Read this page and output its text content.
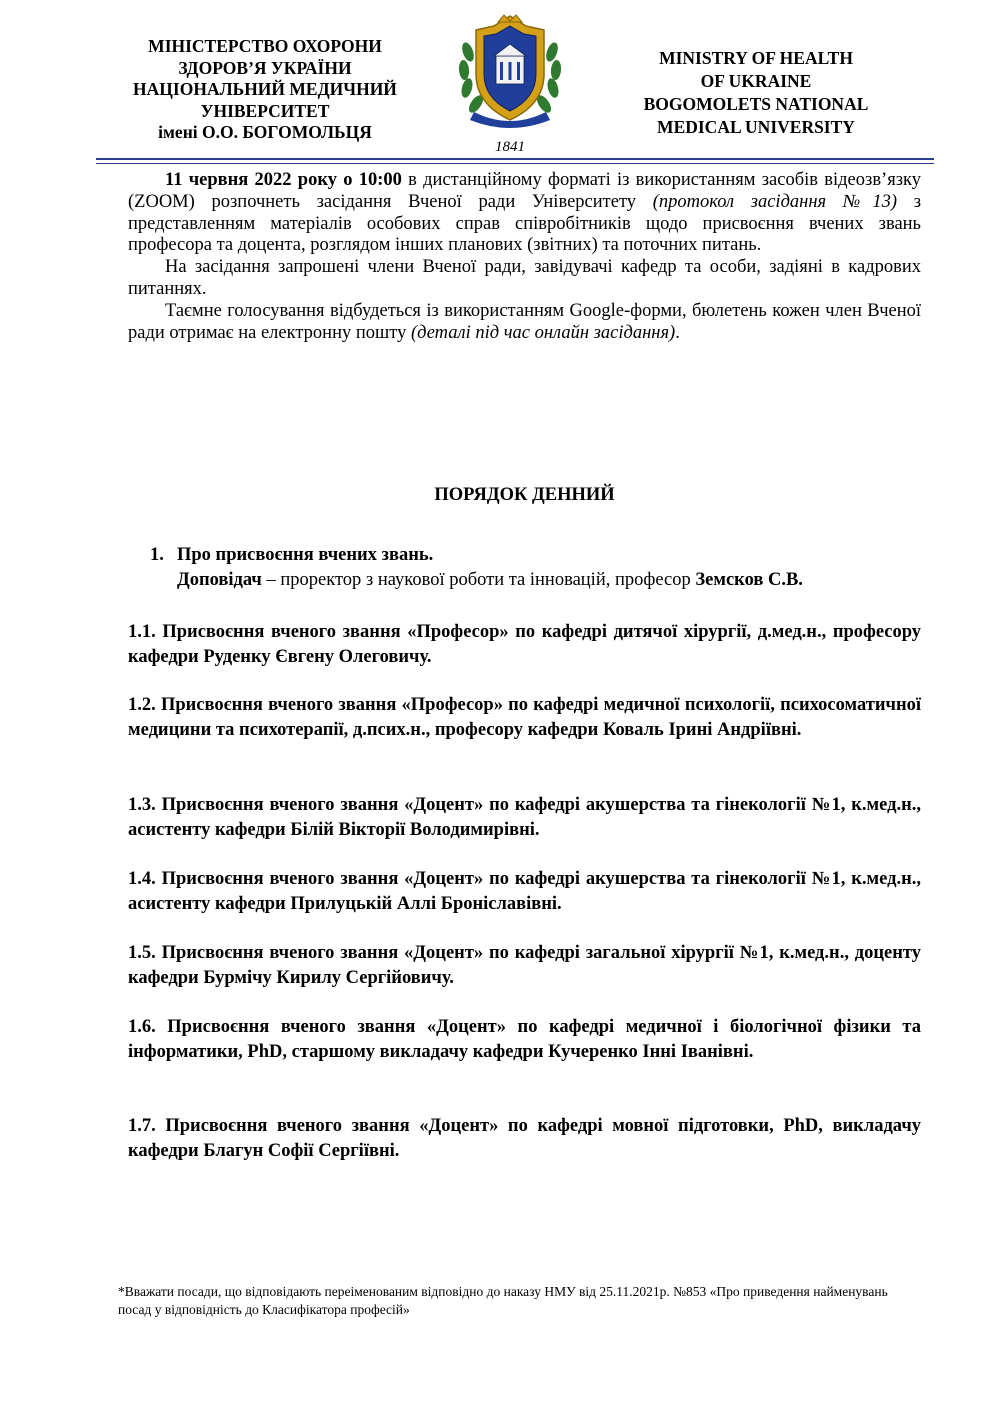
МІНІСТЕРСТВО ОХОРОНИ
ЗДОРОВ’Я УКРАЇНИ
НАЦІОНАЛЬНИЙ МЕДИЧНИЙ
УНІВЕРСИТЕТ
імені О.О. БОГОМОЛЬЦЯ
1841
MINISTRY OF HEALTH
OF UKRAINE
BOGOMOLETS NATIONAL
MEDICAL UNIVERSITY

11 червня 2022 року о 10:00 в дистанційному форматі із використанням засобів відеозв’язку (ZOOM) розпочнеть засідання Вченої ради Університету (протокол засідання №13) з представленням матеріалів особових справ співробітників щодо присвоєння вчених звань професора та доцента, розглядом інших планових (звітних) та поточних питань.

На засідання запрошені члени Вченої ради, завідувачі кафедр та особи, задіяні в кадрових питаннях.

Таємне голосування відбудеться із використанням Google-форми, бюлетень кожен член Вченої ради отримає на електронну пошту (деталі під час онлайн засідання).

ПОРЯДОК ДЕННИЙ
1. Про присвоєння вчених звань.
Доповідач – проректор з наукової роботи та інновацій, професор Земсков С.В.
1.1. Присвоєння вченого звання «Професор» по кафедрі дитячої хірургії, д.мед.н., професору кафедри Руденку Євгену Олеговичу.
1.2. Присвоєння вченого звання «Професор» по кафедрі медичної психології, психосоматичної медицини та психотерапії, д.псих.н., професору кафедри Коваль Ірині Андріївні.
1.3. Присвоєння вченого звання «Доцент» по кафедрі акушерства та гінекології №1, к.мед.н., асистенту кафедри Білій Вікторії Володимирівні.
1.4. Присвоєння вченого звання «Доцент» по кафедрі акушерства та гінекології №1, к.мед.н., асистенту кафедри Прилуцькій Аллі Броніславівні.
1.5. Присвоєння вченого звання «Доцент» по кафедрі загальної хірургії №1, к.мед.н., доценту кафедри Бурмічу Кирилу Сергійовичу.
1.6. Присвоєння вченого звання «Доцент» по кафедрі медичної і біологічної фізики та інформатики, PhD, старшому викладачу кафедри Кучеренко Інні Іванівні.
1.7. Присвоєння вченого звання «Доцент» по кафедрі мовної підготовки, PhD, викладачу кафедри Благун Софії Сергіївні.
*Вважати посади, що відповідають переіменованим відповідно до наказу НМУ від 25.11.2021р. №853 «Про приведення найменувань посад у відповідність до Класифікатора професій»
